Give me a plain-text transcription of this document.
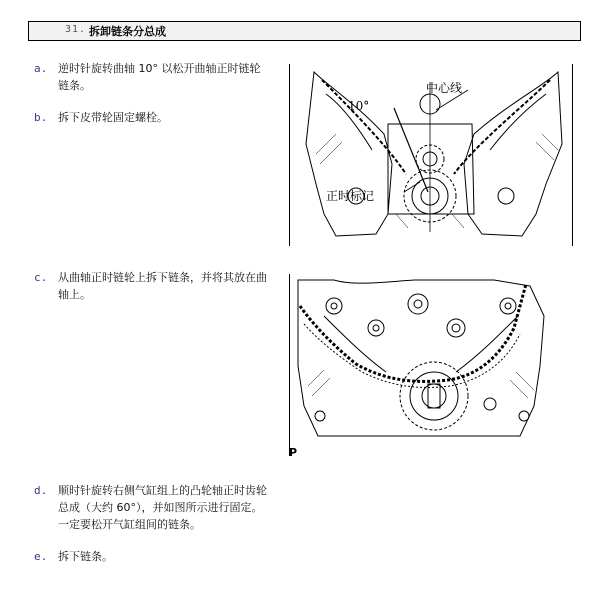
31. 拆卸链条分总成
a. 逆时针旋转曲轴 10° 以松开曲轴正时链轮
链条。
b. 拆下皮带轮固定螺栓。
c. 从曲轴正时链轮上拆下链条，并将其放在曲
轴上。
d. 顺时针旋转右侧气缸组上的凸轮轴正时齿轮
总成（大约 60°），并如图所示进行固定。
一定要松开气缸组间的链条。
e. 拆下链条。
10°
中心线
正时标记
P
